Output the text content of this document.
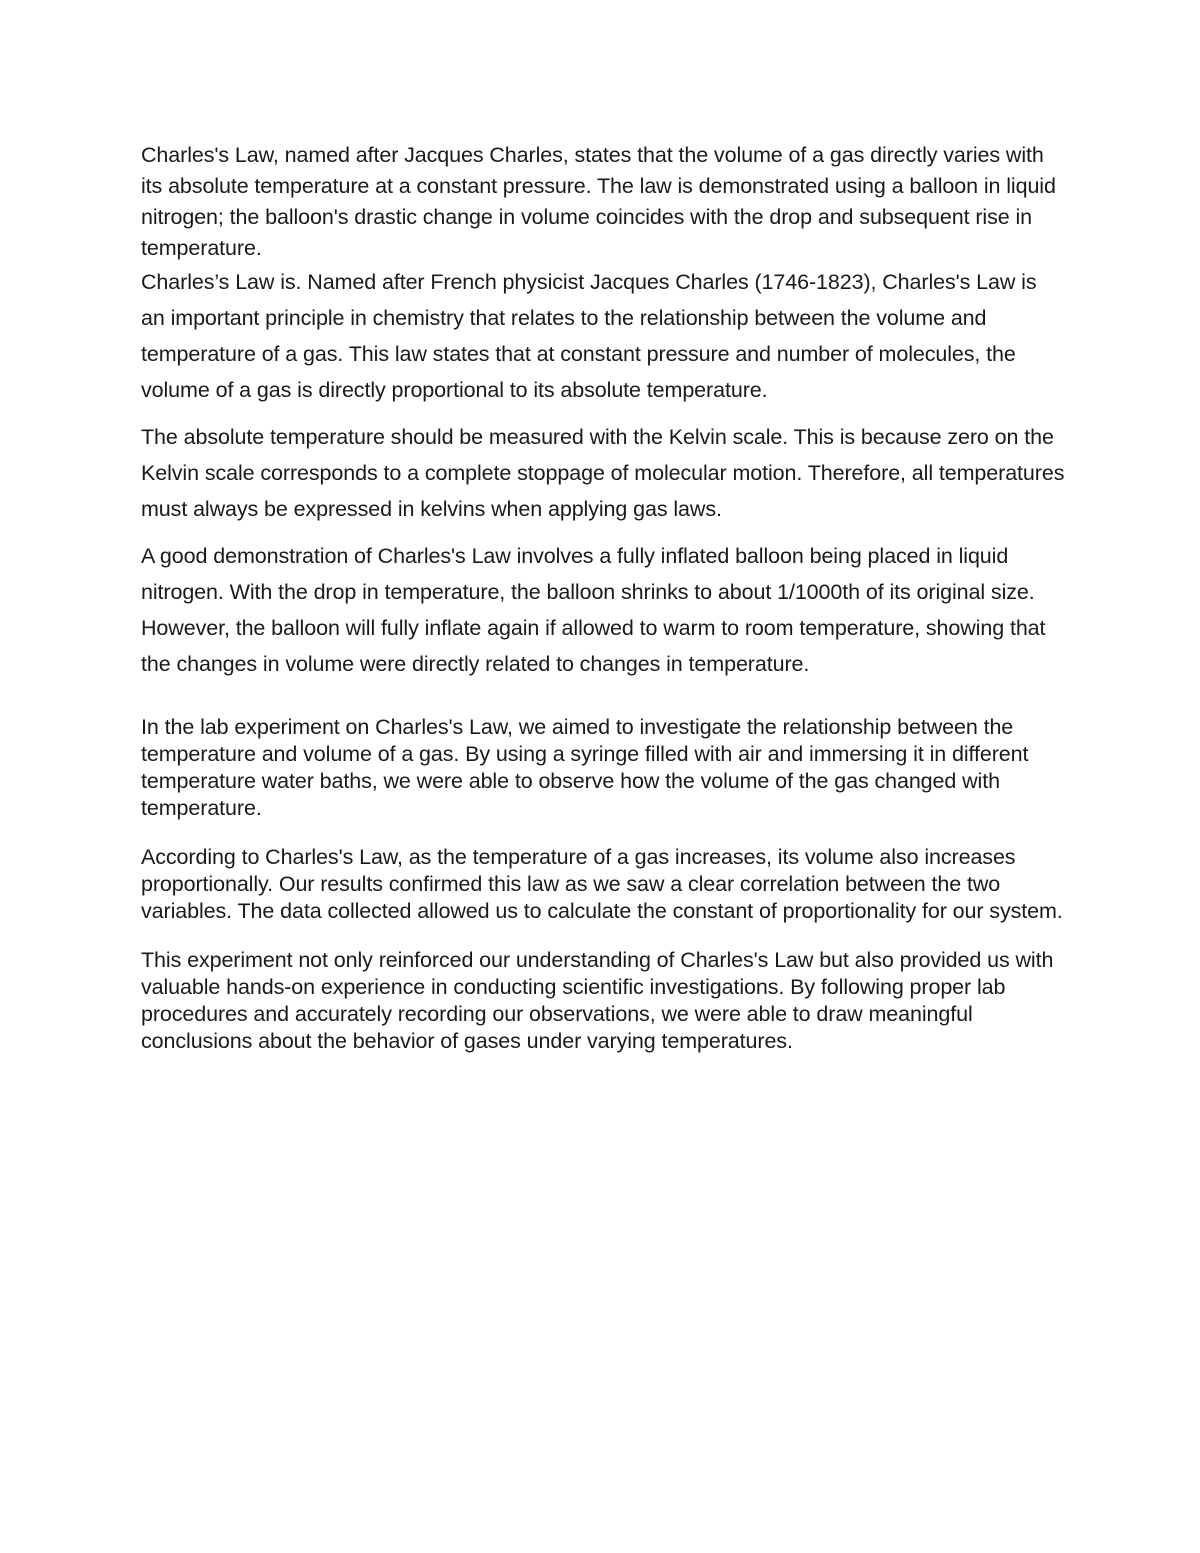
Charles's Law, named after Jacques Charles, states that the volume of a gas directly varies with its absolute temperature at a constant pressure. The law is demonstrated using a balloon in liquid nitrogen; the balloon's drastic change in volume coincides with the drop and subsequent rise in temperature.

Charles’s Law is. Named after French physicist Jacques Charles (1746-1823), Charles's Law is an important principle in chemistry that relates to the relationship between the volume and temperature of a gas. This law states that at constant pressure and number of molecules, the volume of a gas is directly proportional to its absolute temperature.

The absolute temperature should be measured with the Kelvin scale. This is because zero on the Kelvin scale corresponds to a complete stoppage of molecular motion. Therefore, all temperatures must always be expressed in kelvins when applying gas laws.

A good demonstration of Charles's Law involves a fully inflated balloon being placed in liquid nitrogen. With the drop in temperature, the balloon shrinks to about 1/1000th of its original size. However, the balloon will fully inflate again if allowed to warm to room temperature, showing that the changes in volume were directly related to changes in temperature.

In the lab experiment on Charles's Law, we aimed to investigate the relationship between the temperature and volume of a gas. By using a syringe filled with air and immersing it in different temperature water baths, we were able to observe how the volume of the gas changed with temperature.

According to Charles's Law, as the temperature of a gas increases, its volume also increases proportionally. Our results confirmed this law as we saw a clear correlation between the two variables. The data collected allowed us to calculate the constant of proportionality for our system.

This experiment not only reinforced our understanding of Charles's Law but also provided us with valuable hands-on experience in conducting scientific investigations. By following proper lab procedures and accurately recording our observations, we were able to draw meaningful conclusions about the behavior of gases under varying temperatures.
